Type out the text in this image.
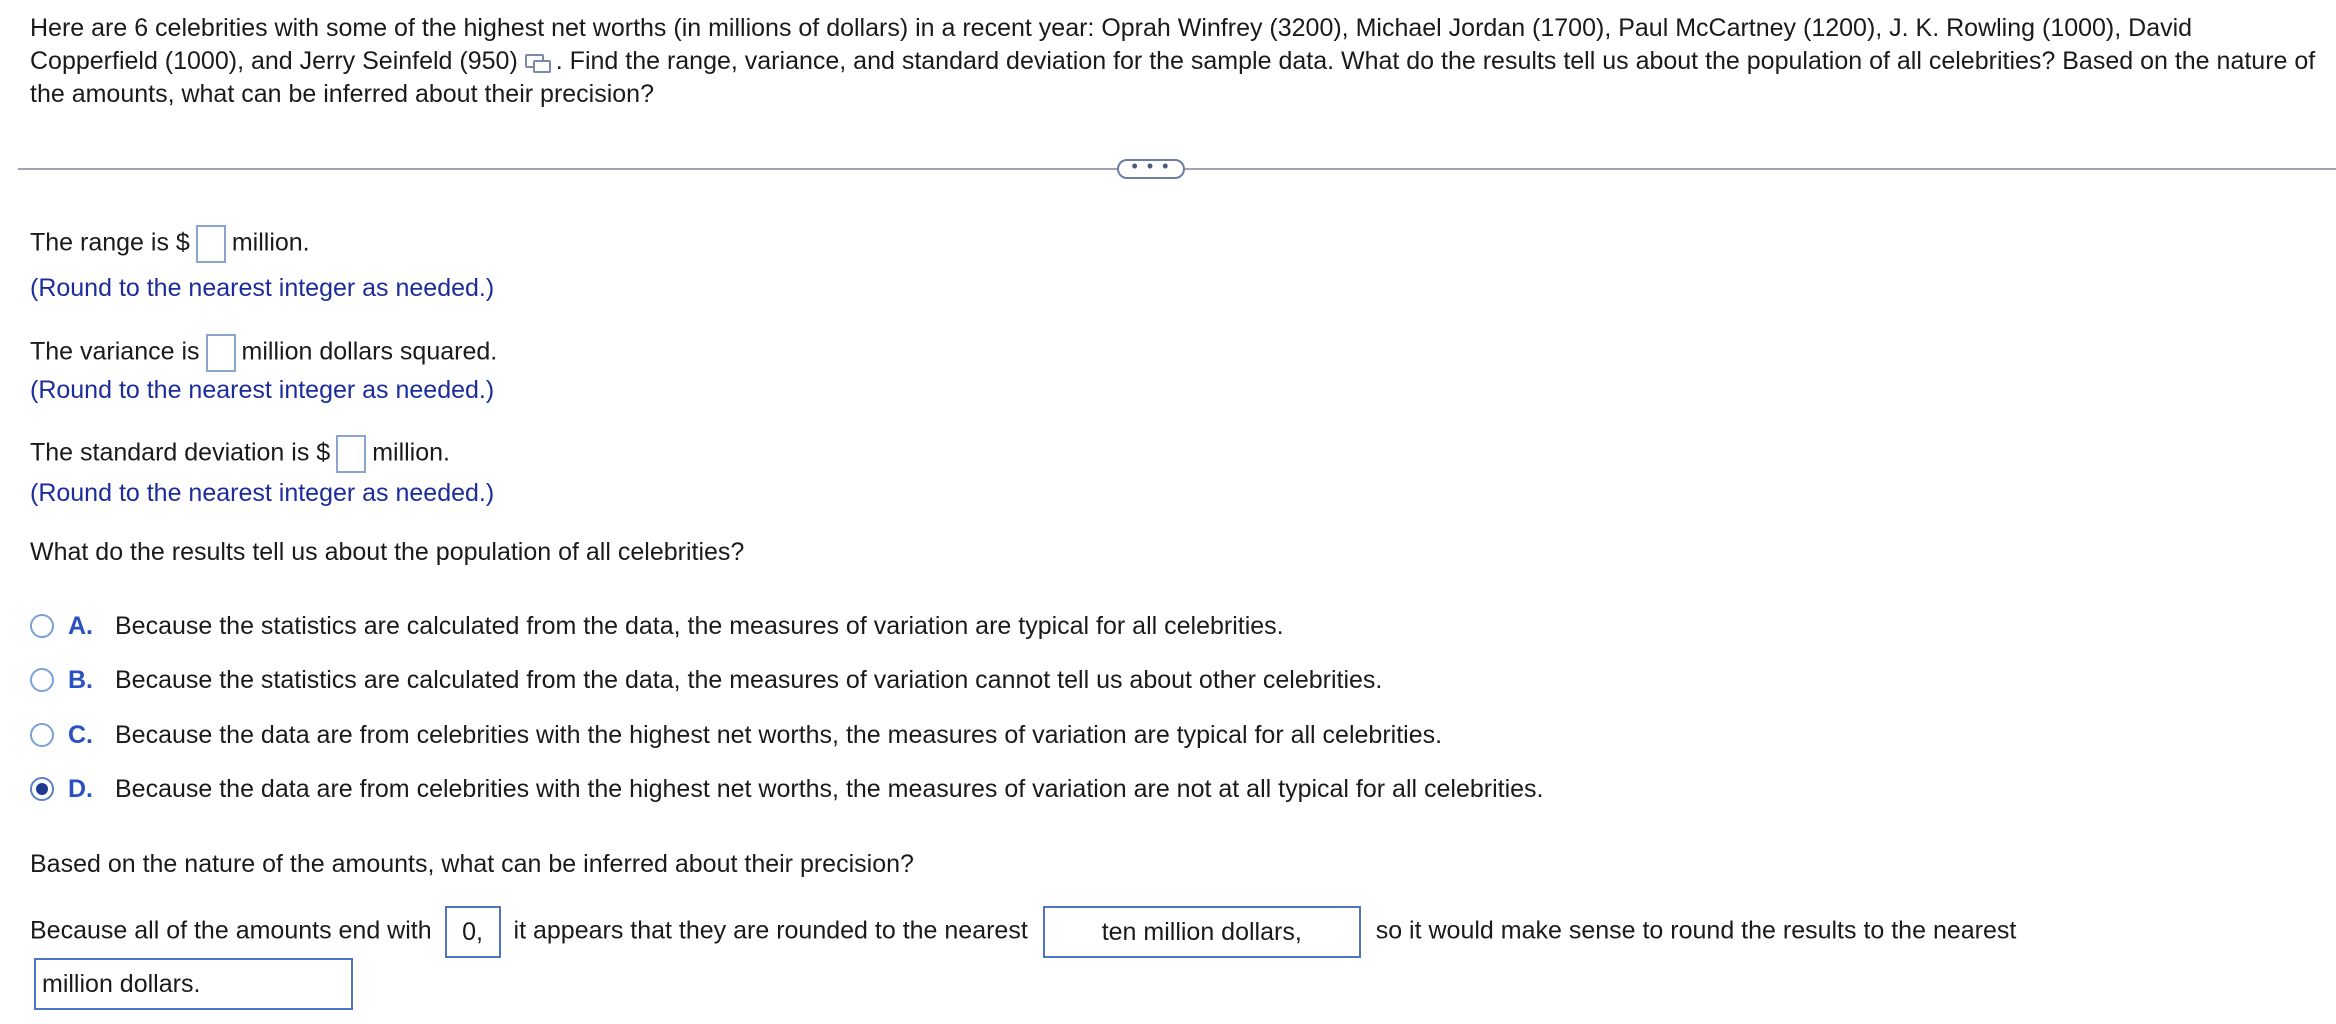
Here are 6 celebrities with some of the highest net worths (in millions of dollars) in a recent year: Oprah Winfrey (3200), Michael Jordan (1700), Paul McCartney (1200), J. K. Rowling (1000), David Copperfield (1000), and Jerry Seinfeld (950) . Find the range, variance, and standard deviation for the sample data. What do the results tell us about the population of all celebrities? Based on the nature of the amounts, what can be inferred about their precision?
• • •
The range is $ million.
(Round to the nearest integer as needed.)
The variance is million dollars squared.
(Round to the nearest integer as needed.)
The standard deviation is $ million.
(Round to the nearest integer as needed.)
What do the results tell us about the population of all celebrities?
A. Because the statistics are calculated from the data, the measures of variation are typical for all celebrities.
B. Because the statistics are calculated from the data, the measures of variation cannot tell us about other celebrities.
C. Because the data are from celebrities with the highest net worths, the measures of variation are typical for all celebrities.
D. Because the data are from celebrities with the highest net worths, the measures of variation are not at all typical for all celebrities.
Based on the nature of the amounts, what can be inferred about their precision?
Because all of the amounts end with 0, it appears that they are rounded to the nearest	ten million dollars,	so it would make sense to round the results to the nearest
million dollars.
